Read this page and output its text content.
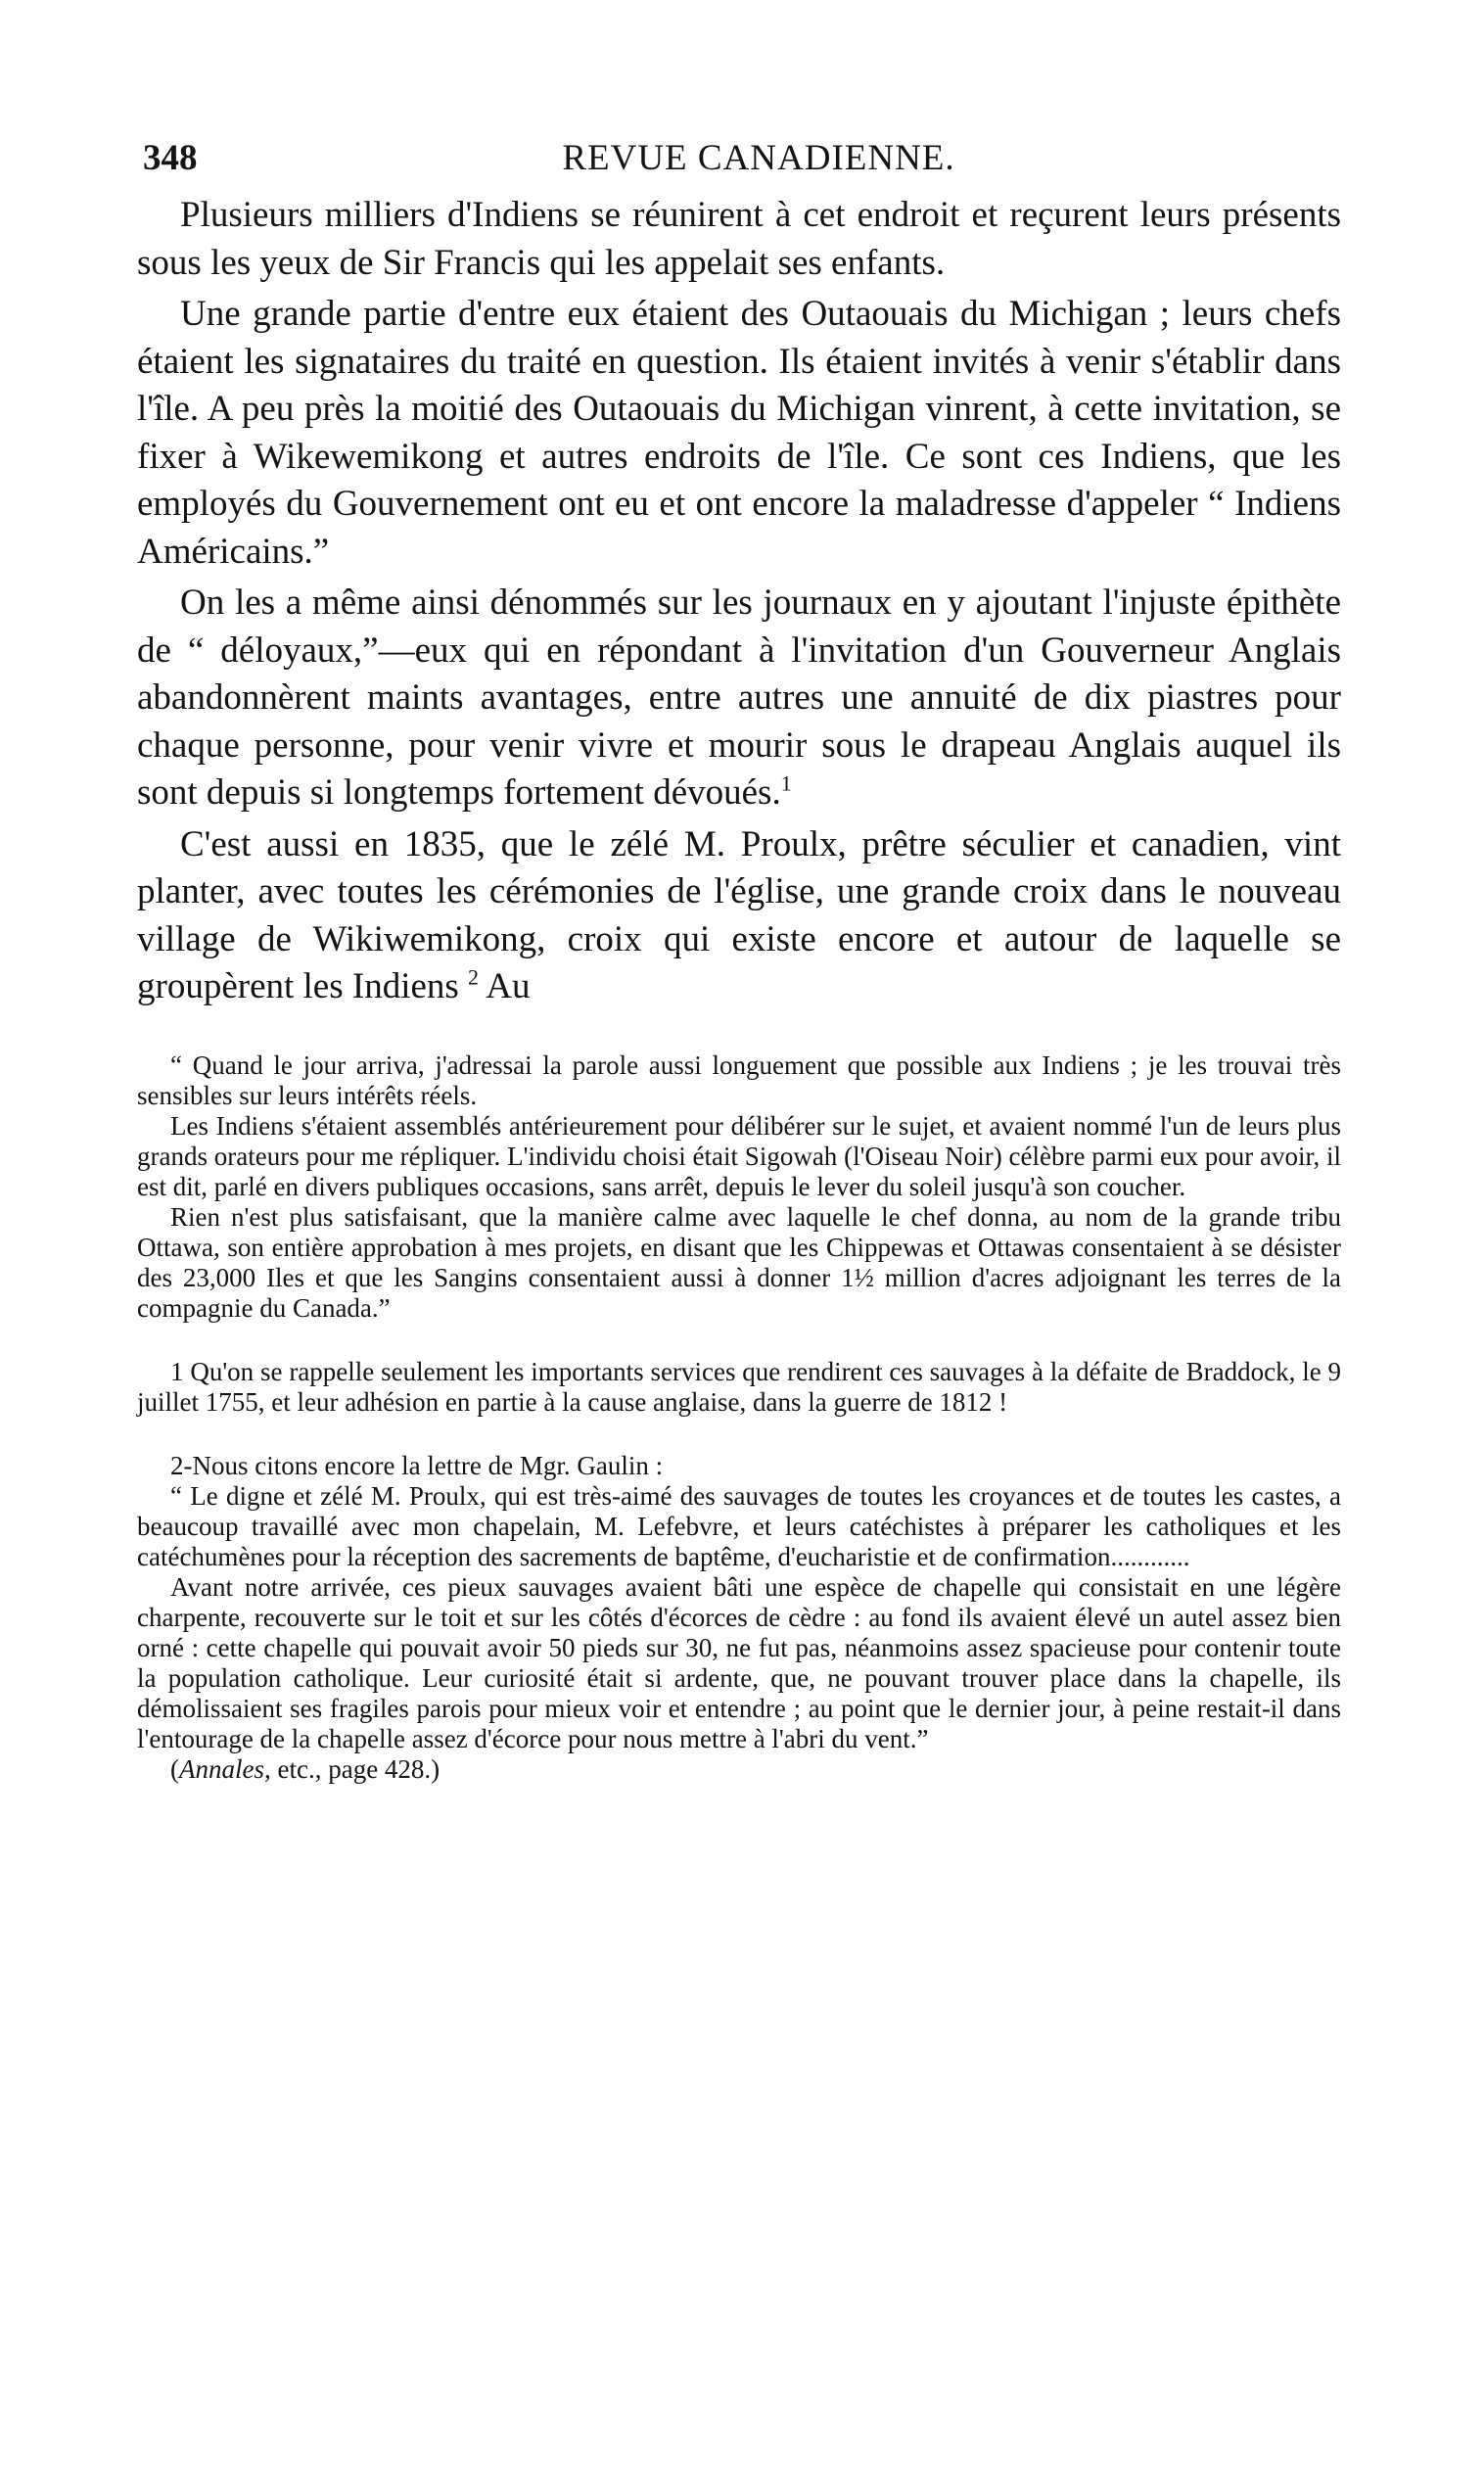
348	REVUE CANADIENNE.

Plusieurs milliers d'Indiens se réunirent à cet endroit et reçurent leurs présents sous les yeux de Sir Francis qui les appelait ses enfants.

Une grande partie d'entre eux étaient des Outaouais du Michigan ; leurs chefs étaient les signataires du traité en question. Ils étaient invités à venir s'établir dans l'île. A peu près la moitié des Outaouais du Michigan vinrent, à cette invitation, se fixer à Wikewemikong et autres endroits de l'île. Ce sont ces Indiens, que les employés du Gouvernement ont eu et ont encore la maladresse d'appeler “ Indiens Américains.”

On les a même ainsi dénommés sur les journaux en y ajoutant l'injuste épithète de “ déloyaux,”—eux qui en répondant à l'invitation d'un Gouverneur Anglais abandonnèrent maints avantages, entre autres une annuité de dix piastres pour chaque personne, pour venir vivre et mourir sous le drapeau Anglais auquel ils sont depuis si longtemps fortement dévoués.$^1$

C'est aussi en 1835, que le zélé M. Proulx, prêtre séculier et canadien, vint planter, avec toutes les cérémonies de l'église, une grande croix dans le nouveau village de Wikiwemikong, croix qui existe encore et autour de laquelle se groupèrent les Indiens $^2$ Au

“ Quand le jour arriva, j'adressai la parole aussi longuement que possible aux Indiens ; je les trouvai très sensibles sur leurs intérêts réels.

Les Indiens s'étaient assemblés antérieurement pour délibérer sur le sujet, et avaient nommé l'un de leurs plus grands orateurs pour me répliquer. L'individu choisi était Sigowah (l'Oiseau Noir) célèbre parmi eux pour avoir, il est dit, parlé en divers publiques occasions, sans arrêt, depuis le lever du soleil jusqu'à son coucher.

Rien n'est plus satisfaisant, que la manière calme avec laquelle le chef donna, au nom de la grande tribu Ottawa, son entière approbation à mes projets, en disant que les Chippewas et Ottawas consentaient à se désister des 23,000 Iles et que les Sangins consentaient aussi à donner 1½ million d'acres adjoignant les terres de la compagnie du Canada.”

1 Qu'on se rappelle seulement les importants services que rendirent ces sauvages à la défaite de Braddock, le 9 juillet 1755, et leur adhésion en partie à la cause anglaise, dans la guerre de 1812 !

2-Nous citons encore la lettre de Mgr. Gaulin :

“ Le digne et zélé M. Proulx, qui est très-aimé des sauvages de toutes les croyances et de toutes les castes, a beaucoup travaillé avec mon chapelain, M. Lefebvre, et leurs catéchistes à préparer les catholiques et les catéchumènes pour la réception des sacrements de baptême, d'eucharistie et de confirmation............

Avant notre arrivée, ces pieux sauvages avaient bâti une espèce de chapelle qui consistait en une légère charpente, recouverte sur le toit et sur les côtés d'écorces de cèdre : au fond ils avaient élevé un autel assez bien orné : cette chapelle qui pouvait avoir 50 pieds sur 30, ne fut pas, néanmoins assez spacieuse pour contenir toute la population catholique. Leur curiosité était si ardente, que, ne pouvant trouver place dans la chapelle, ils démolissaient ses fragiles parois pour mieux voir et entendre ; au point que le dernier jour, à peine restait-il dans l'entourage de la chapelle assez d'écorce pour nous mettre à l'abri du vent.”

(Annales, etc., page 428.)
